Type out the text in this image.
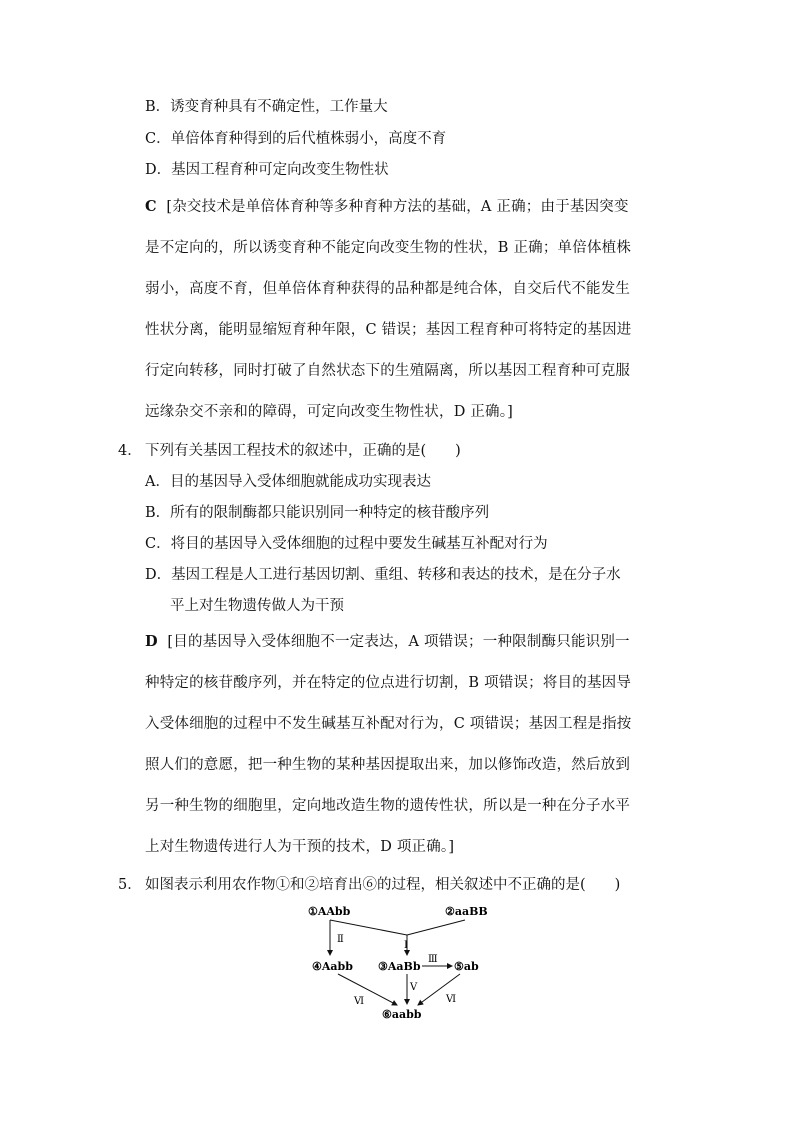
B．诱变育种具有不确定性，工作量大
C．单倍体育种得到的后代植株弱小，高度不育
D．基因工程育种可定向改变生物性状
C [杂交技术是单倍体育种等多种育种方法的基础，A 正确；由于基因突变
是不定向的，所以诱变育种不能定向改变生物的性状，B 正确；单倍体植株
弱小，高度不育，但单倍体育种获得的品种都是纯合体，自交后代不能发生
性状分离，能明显缩短育种年限，C 错误；基因工程育种可将特定的基因进
行定向转移，同时打破了自然状态下的生殖隔离，所以基因工程育种可克服
远缘杂交不亲和的障碍，可定向改变生物性状，D 正确。]
4． 下列有关基因工程技术的叙述中，正确的是(　　)
A．目的基因导入受体细胞就能成功实现表达
B．所有的限制酶都只能识别同一种特定的核苷酸序列
C．将目的基因导入受体细胞的过程中要发生碱基互补配对行为
D．基因工程是人工进行基因切割、重组、转移和表达的技术，是在分子水
平上对生物遗传做人为干预
D [目的基因导入受体细胞不一定表达，A 项错误；一种限制酶只能识别一
种特定的核苷酸序列，并在特定的位点进行切割，B 项错误；将目的基因导
入受体细胞的过程中不发生碱基互补配对行为，C 项错误；基因工程是指按
照人们的意愿，把一种生物的某种基因提取出来，加以修饰改造，然后放到
另一种生物的细胞里，定向地改造生物的遗传性状，所以是一种在分子水平
上对生物遗传进行人为干预的技术，D 项正确。]
5． 如图表示利用农作物①和②培育出⑥的过程，相关叙述中不正确的是(　　)
①AAbb	②aaBB
④Aabb ③AaBb	⑤ab
⑥aabb
Ⅰ
Ⅱ
Ⅲ
Ⅴ
Ⅵ	Ⅵ
